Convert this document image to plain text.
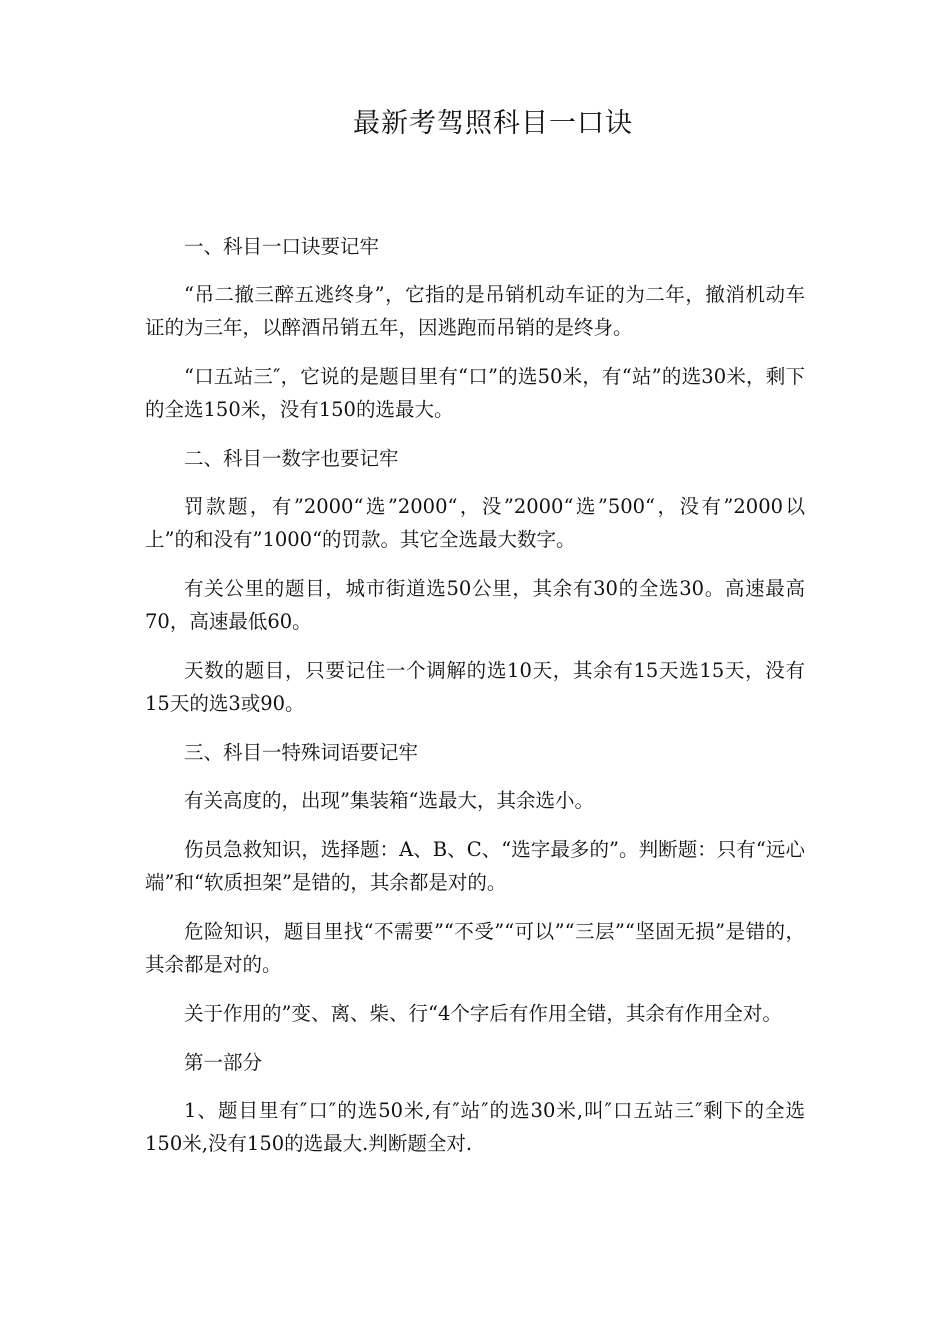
最新考驾照科目一口诀

一、科目一口诀要记牢

“吊二撤三醉五逃终身”，它指的是吊销机动车证的为二年，撤消机动车证的为三年，以醉酒吊销五年，因逃跑而吊销的是终身。

“口五站三″，它说的是题目里有“口”的选50米，有“站”的选30米，剩下的全选150米，没有150的选最大。

二、科目一数字也要记牢

罚款题，有”2000“选”2000“，没”2000“选”500“，没有”2000以上”的和没有”1000“的罚款。其它全选最大数字。

有关公里的题目，城市街道选50公里，其余有30的全选30。高速最高70，高速最低60。

天数的题目，只要记住一个调解的选10天，其余有15天选15天，没有15天的选3或90。

三、科目一特殊词语要记牢

有关高度的，出现”集装箱“选最大，其余选小。

伤员急救知识，选择题：A、B、C、“选字最多的”。判断题：只有“远心端”和“软质担架”是错的，其余都是对的。

危险知识，题目里找“不需要”“不受”“可以”“三层”“坚固无损”是错的，其余都是对的。

关于作用的”变、离、柴、行“4个字后有作用全错，其余有作用全对。

第一部分

1、题目里有″口″的选50米,有″站″的选30米,叫″口五站三″剩下的全选150米,没有150的选最大.判断题全对.
